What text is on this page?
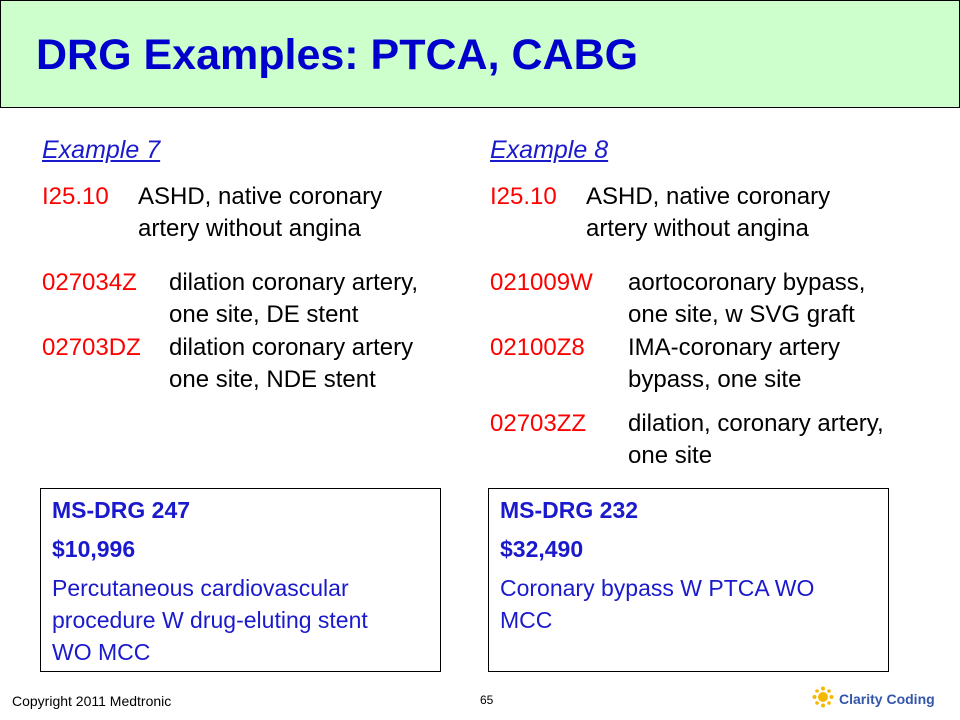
DRG Examples: PTCA, CABG
Example 7
I25.10 ASHD, native coronary
artery without angina
027034Z dilation coronary artery,
one site, DE stent
02703DZ dilation coronary artery
one site, NDE stent
MS-DRG 247
$10,996
Percutaneous cardiovascular
procedure W drug-eluting stent
WO MCC
Example 8
I25.10 ASHD, native coronary
artery without angina
021009W aortocoronary bypass,
one site, w SVG graft
02100Z8 IMA-coronary artery
bypass, one site
02703ZZ dilation, coronary artery,
one site
MS-DRG 232
$32,490
Coronary bypass W PTCA WO
MCC
Copyright 2011 Medtronic	65	Clarity Coding
